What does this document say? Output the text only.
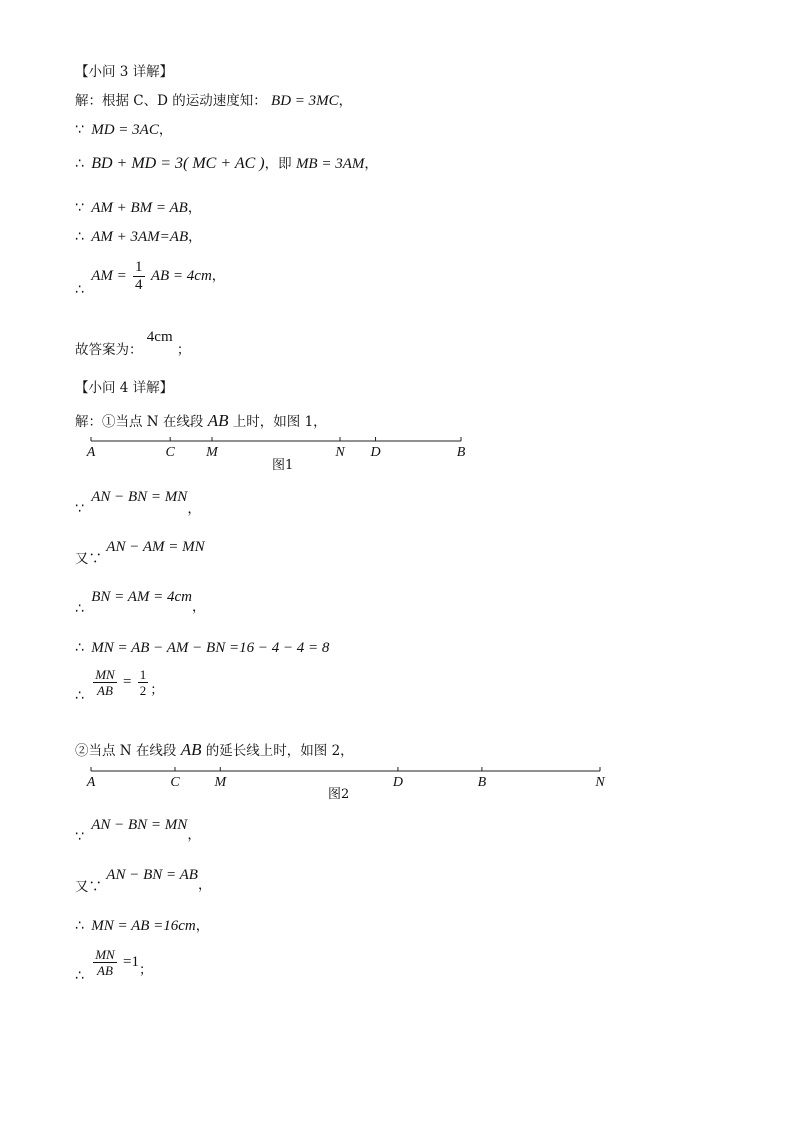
【小问 3 详解】
解：根据 C、D 的运动速度知： BD = 3MC，
∵ MD = 3AC，
∴ BD + MD = 3( MC + AC )，即 MB = 3AM，
∵ AM + BM = AB，
∴ AM + 3AM=AB，
∴ AM = $\frac{1}{4}$ AB = 4cm，
故答案为： 4cm ；
【小问 4 详解】
解：①当点 N 在线段 AB 上时，如图 1，
A	C M	N D	B
图1
∵ AN − BN = MN，
又∵ AN − AM = MN
∴ BN = AM = 4cm，
∴ MN = AB − AM − BN =16 − 4 − 4 = 8
∴ $\frac{MN}{AB} = \frac{1}{2}$ ；
②当点 N 在线段 AB 的延长线上时，如图 2，
A	C M	D	B	N
图2
∵ AN − BN = MN，
又∵ AN − BN = AB，
∴ MN = AB =16cm，
∴ $\frac{MN}{AB} =1$；
